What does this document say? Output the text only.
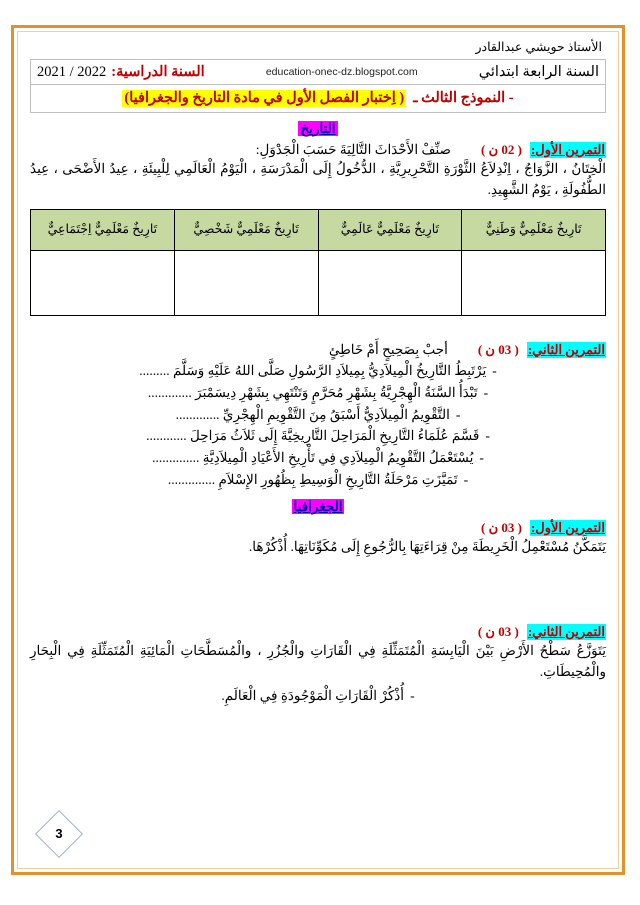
الأستاذ حويشي عبدالقادر
السنة الرابعة ابتدائي
education-onec-dz.blogspot.com
السنة الدراسية:
2021 / 2022
- النموذج الثالث ـ
( اِختبار الفصل الأول في مادة التاريخ والجغرافيا)
التاريخ
التمرين الأول:
( 02 ن )
صنِّفْ الأَحْدَاثَ التَّالِيَةَ حَسَبَ الْجَدْوَلِ:
الْخِتَانُ ، الزَّوَاجُ ، اِنْدِلاَعُ الثَّوْرَةِ التَّحْرِيرِيَّةِ ، الدُّخُولُ إِلَى الْمَدْرَسَةِ ، الْيَوْمُ الْعَالَمِي لِلْبِيئَةِ ، عِيدُ الأَضْحَى ، عِيدُ الطُّفُولَةِ ، يَوْمُ الشَّهِيدِ.
تَارِيخٌ مَعْلَمِيٌّ وَطَنِيٌّ	تَارِيخٌ مَعْلَمِيٌّ عَالَمِيٌّ	تَارِيخٌ مَعْلَمِيٌّ شَخْصِيٌّ	تَارِيخٌ مَعْلَمِيٌّ اِجْتَمَاعِيٌّ

التمرين الثاني:
( 03 ن )
أجبْ بِصَحِيحٍ أَمْ خَاطِئٍ
-يَرْتَبِطُ التَّارِيخُ الْمِيلاَدِيُّ بِمِيلاَدِ الرَّسُولِ صَلَّى اللهُ عَلَيْهِ وَسَلَّمَ .........
-تَبْدَأُ السَّنَةُ الْهِجْرِيَّةُ بِشَهْرِ مُحَرَّمٍ وَتَنْتَهِي بِشَهْرِ دِيسَمْبَرَ .............
-التَّقْوِيمُ الْمِيلاَدِيُّ أَسْبَقُ مِنَ التَّقْوِيمِ الْهِجْرِيِّ .............
-قَسَّمَ عُلَمَاءُ التَّارِيخِ الْمَرَاحِلَ التَّارِيخِيَّةَ إِلَى ثَلاَثُ مَرَاحِلَ ............
-يُسْتَعْمَلُ التَّقْوِيمُ الْمِيلاَدِي فِي تَأْرِيخِ الأَعْيَادِ الْمِيلاَدِيَّةِ ..............
-تَمَيَّزَتِ مَرْحَلَةُ التَّارِيخِ الْوَسِيطِ بِظُهُورِ الإِسْلاَمِ ..............
الجغرافيا
التمرين الأول:
( 03 ن )
يَتَمَكَّنُ مُسْتَعْمِلُ الْخَرِيطَةَ مِنْ قِرَاءَتِهَا بِالرُّجُوعِ إِلَى مُكَوِّنَاتِهَا. أُذْكُرْهَا.
التمرين الثاني:
( 03 ن )
يَتَوَزَّعُ سَطْحُ الأَرْضِ بَيْنَ الْيَابِسَةِ الْمُتَمَثِّلَةِ فِي الْقَارَاتِ والْجُزُرِ ، والْمُسَطَّحَاتِ الْمَائِيَةِ الْمُتَمَثِّلَةِ فِي الْبِحَارِ والْمُحِيطَاتِ.
-أُذْكُرْ الْقَارَاتِ الْمَوْجُودَةِ فِي الْعَالَمِ.
3
